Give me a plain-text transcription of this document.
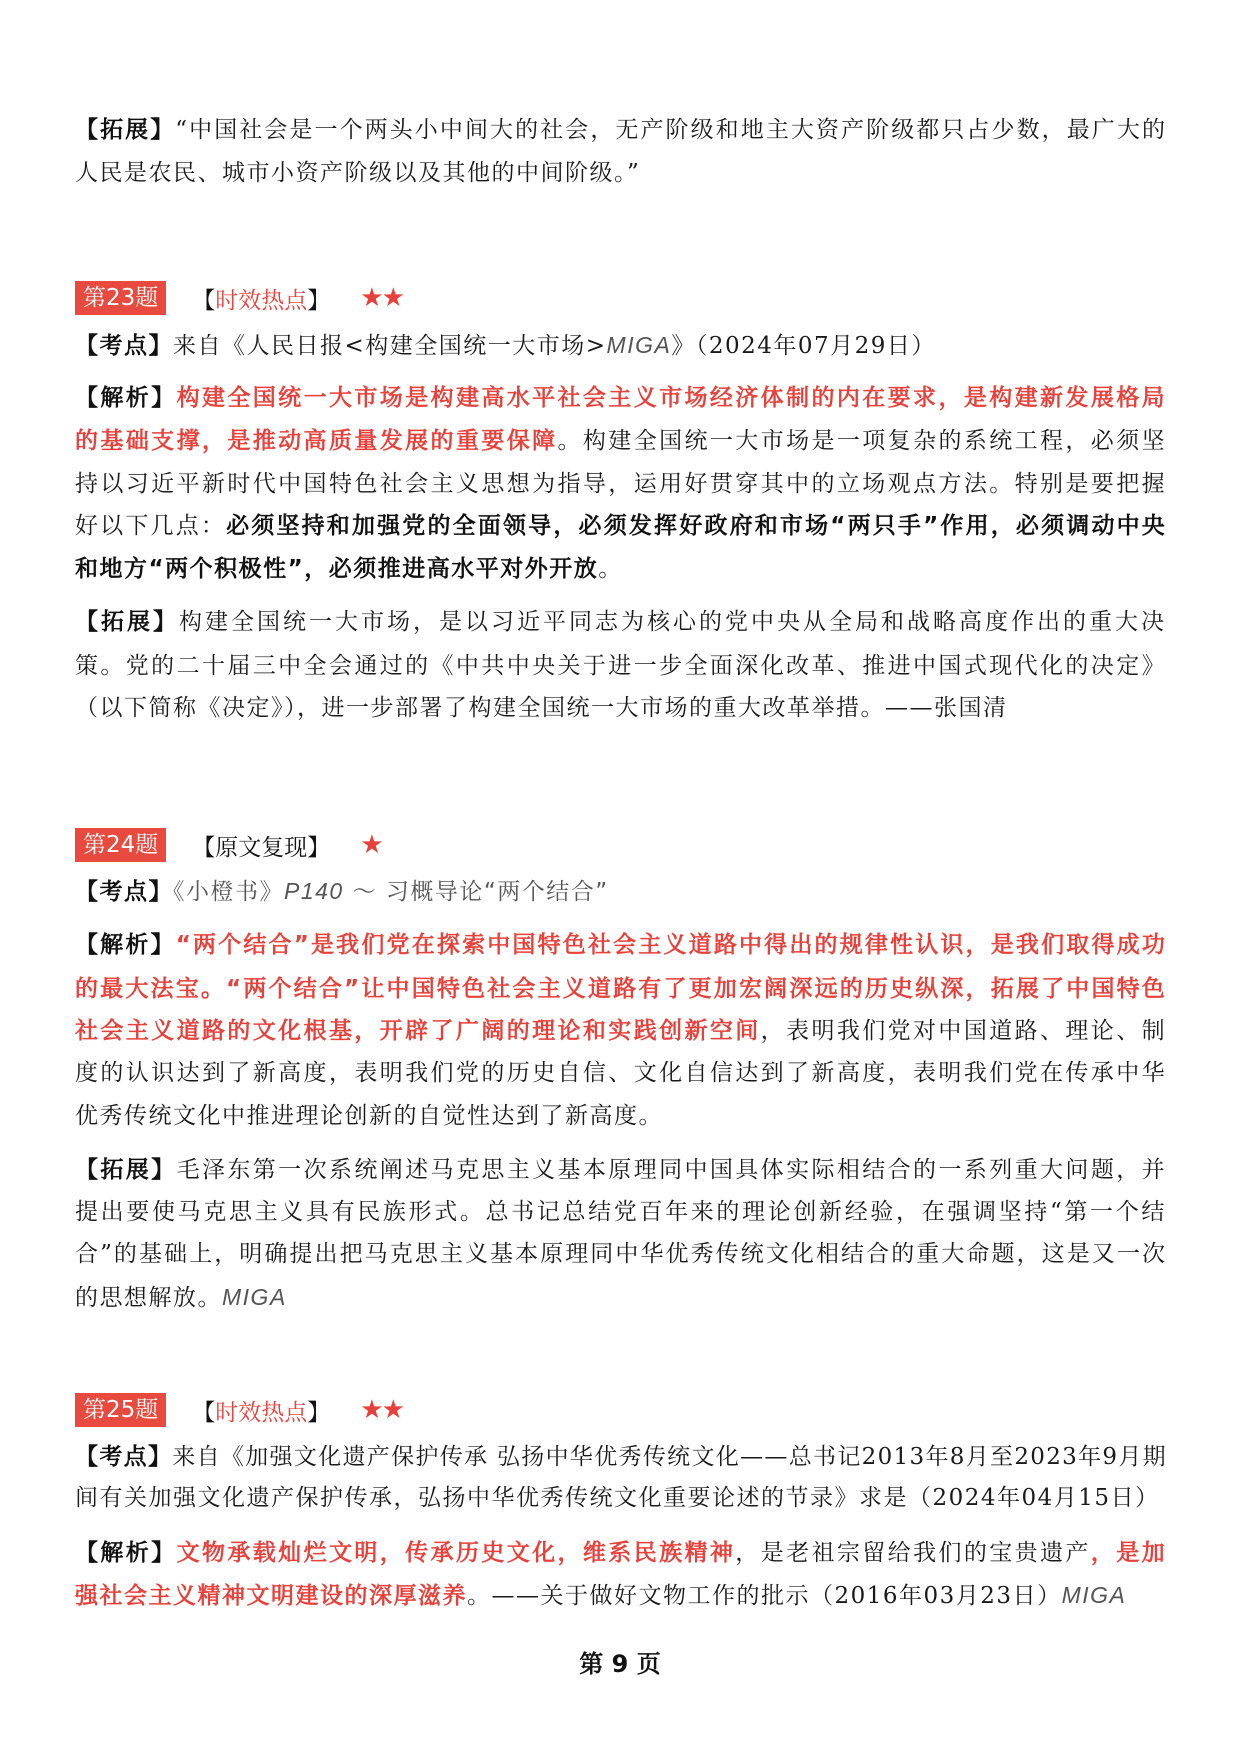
【拓展】“中国社会是一个两头小中间大的社会，无产阶级和地主大资产阶级都只占少数，最广大的
人民是农民、城市小资产阶级以及其他的中间阶级。”
第23题	【时效热点】 ★★
【考点】来自《人民日报<构建全国统一大市场>MIGA》（2024年07月29日）
【解析】构建全国统一大市场是构建高水平社会主义市场经济体制的内在要求，是构建新发展格局
的基础支撑，是推动高质量发展的重要保障。构建全国统一大市场是一项复杂的系统工程，必须坚
持以习近平新时代中国特色社会主义思想为指导，运用好贯穿其中的立场观点方法。特别是要把握
好以下几点：必须坚持和加强党的全面领导，必须发挥好政府和市场“两只手”作用，必须调动中央
和地方“两个积极性”，必须推进高水平对外开放。
【拓展】构建全国统一大市场，是以习近平同志为核心的党中央从全局和战略高度作出的重大决
策。党的二十届三中全会通过的《中共中央关于进一步全面深化改革、推进中国式现代化的决定》
（以下简称《决定》），进一步部署了构建全国统一大市场的重大改革举措。——张国清
第24题	【原文复现】 ★
【考点】《小橙书》P140 ～ 习概导论“两个结合”
【解析】“两个结合”是我们党在探索中国特色社会主义道路中得出的规律性认识，是我们取得成功
的最大法宝。“两个结合”让中国特色社会主义道路有了更加宏阔深远的历史纵深，拓展了中国特色
社会主义道路的文化根基，开辟了广阔的理论和实践创新空间，表明我们党对中国道路、理论、制
度的认识达到了新高度，表明我们党的历史自信、文化自信达到了新高度，表明我们党在传承中华
优秀传统文化中推进理论创新的自觉性达到了新高度。
【拓展】毛泽东第一次系统阐述马克思主义基本原理同中国具体实际相结合的一系列重大问题，并
提出要使马克思主义具有民族形式。总书记总结党百年来的理论创新经验，在强调坚持“第一个结
合”的基础上，明确提出把马克思主义基本原理同中华优秀传统文化相结合的重大命题，这是又一次
的思想解放。MIGA
第25题	【时效热点】 ★★
【考点】来自《加强文化遗产保护传承 弘扬中华优秀传统文化——总书记2013年8月至2023年9月期
间有关加强文化遗产保护传承，弘扬中华优秀传统文化重要论述的节录》求是（2024年04月15日）
【解析】文物承载灿烂文明，传承历史文化，维系民族精神，是老祖宗留给我们的宝贵遗产，是加
强社会主义精神文明建设的深厚滋养。——关于做好文物工作的批示（2016年03月23日）MIGA
第 9 页
